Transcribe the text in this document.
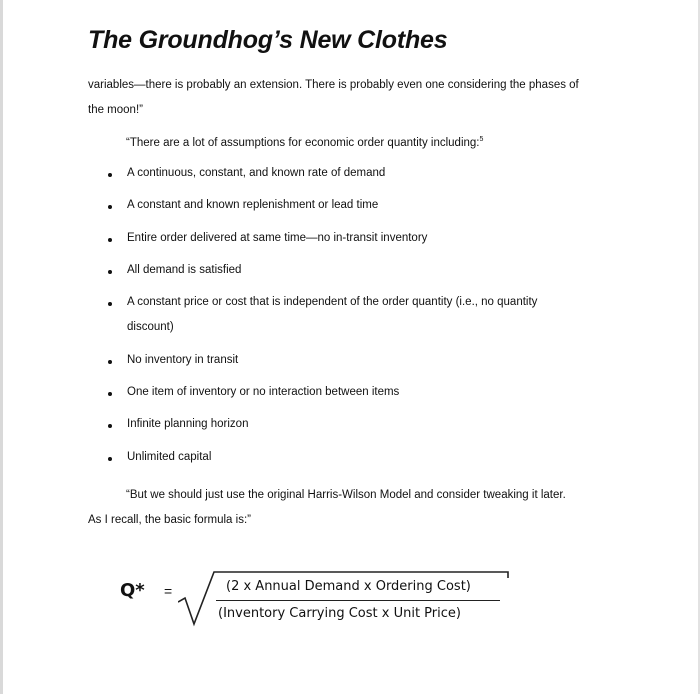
The Groundhog’s New Clothes
variables—there is probably an extension. There is probably even one considering the phases of
the moon!”
“There are a lot of assumptions for economic order quantity including:$^5$
A continuous, constant, and known rate of demand
A constant and known replenishment or lead time
Entire order delivered at same time—no in-transit inventory
All demand is satisfied
A constant price or cost that is independent of the order quantity (i.e., no quantity
discount)
No inventory in transit
One item of inventory or no interaction between items
Infinite planning horizon
Unlimited capital
“But we should just use the original Harris-Wilson Model and consider tweaking it later.
As I recall, the basic formula is:”
Q* =	(2 x Annual Demand x Ordering Cost)
(Inventory Carrying Cost x Unit Price)
